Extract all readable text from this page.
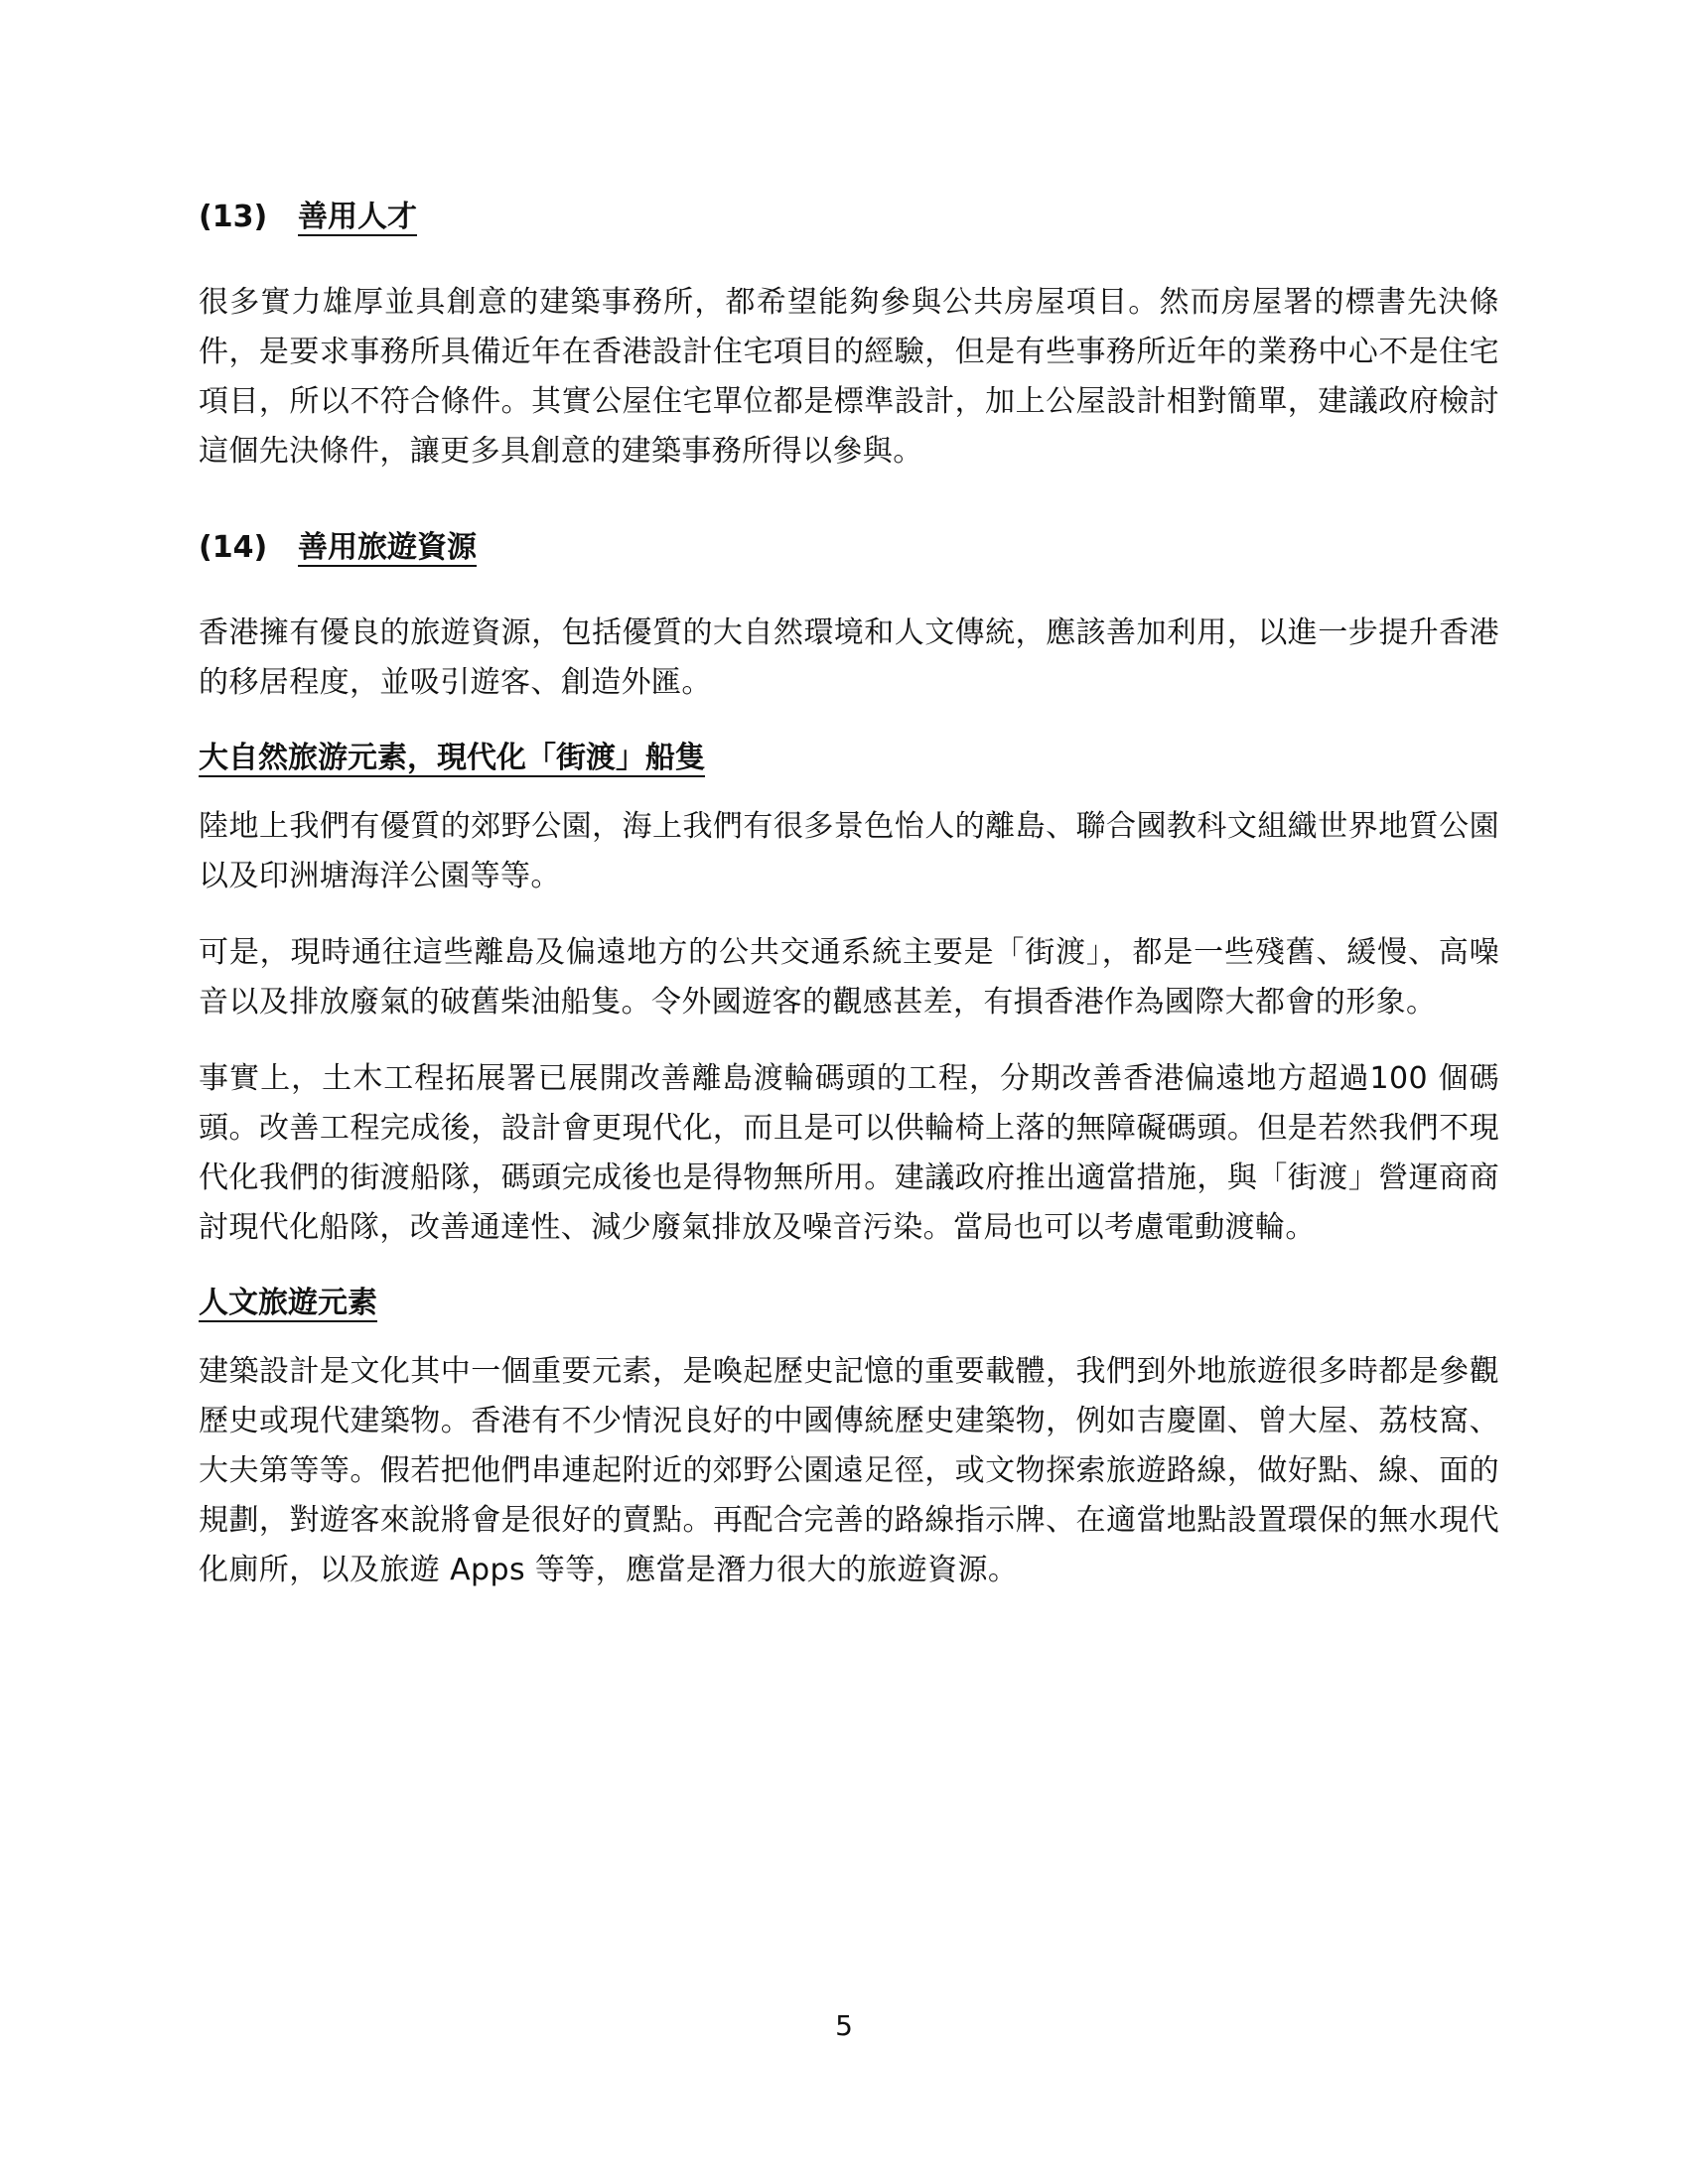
(13)	善用人才

很多實力雄厚並具創意的建築事務所，都希望能夠參與公共房屋項目。然而房屋署的標書先決條件，是要求事務所具備近年在香港設計住宅項目的經驗，但是有些事務所近年的業務中心不是住宅項目，所以不符合條件。其實公屋住宅單位都是標準設計，加上公屋設計相對簡單，建議政府檢討這個先決條件，讓更多具創意的建築事務所得以參與。

(14)	善用旅遊資源

香港擁有優良的旅遊資源，包括優質的大自然環境和人文傳統，應該善加利用，以進一步提升香港的移居程度，並吸引遊客、創造外匯。

大自然旅游元素，現代化「街渡」船隻

陸地上我們有優質的郊野公園，海上我們有很多景色怡人的離島、聯合國教科文組織世界地質公園以及印洲塘海洋公園等等。

可是，現時通往這些離島及偏遠地方的公共交通系統主要是「街渡」，都是一些殘舊、緩慢、高噪音以及排放廢氣的破舊柴油船隻。令外國遊客的觀感甚差，有損香港作為國際大都會的形象。

事實上，土木工程拓展署已展開改善離島渡輪碼頭的工程，分期改善香港偏遠地方超過100 個碼頭。改善工程完成後，設計會更現代化，而且是可以供輪椅上落的無障礙碼頭。但是若然我們不現代化我們的街渡船隊，碼頭完成後也是得物無所用。建議政府推出適當措施，與「街渡」營運商商討現代化船隊，改善通達性、減少廢氣排放及噪音污染。當局也可以考慮電動渡輪。

人文旅遊元素

建築設計是文化其中一個重要元素，是喚起歷史記憶的重要載體，我們到外地旅遊很多時都是參觀歷史或現代建築物。香港有不少情況良好的中國傳統歷史建築物，例如吉慶圍、曾大屋、荔枝窩、大夫第等等。假若把他們串連起附近的郊野公園遠足徑，或文物探索旅遊路線，做好點、線、面的規劃，對遊客來說將會是很好的賣點。再配合完善的路線指示牌、在適當地點設置環保的無水現代化廁所，以及旅遊 Apps 等等，應當是潛力很大的旅遊資源。

5
